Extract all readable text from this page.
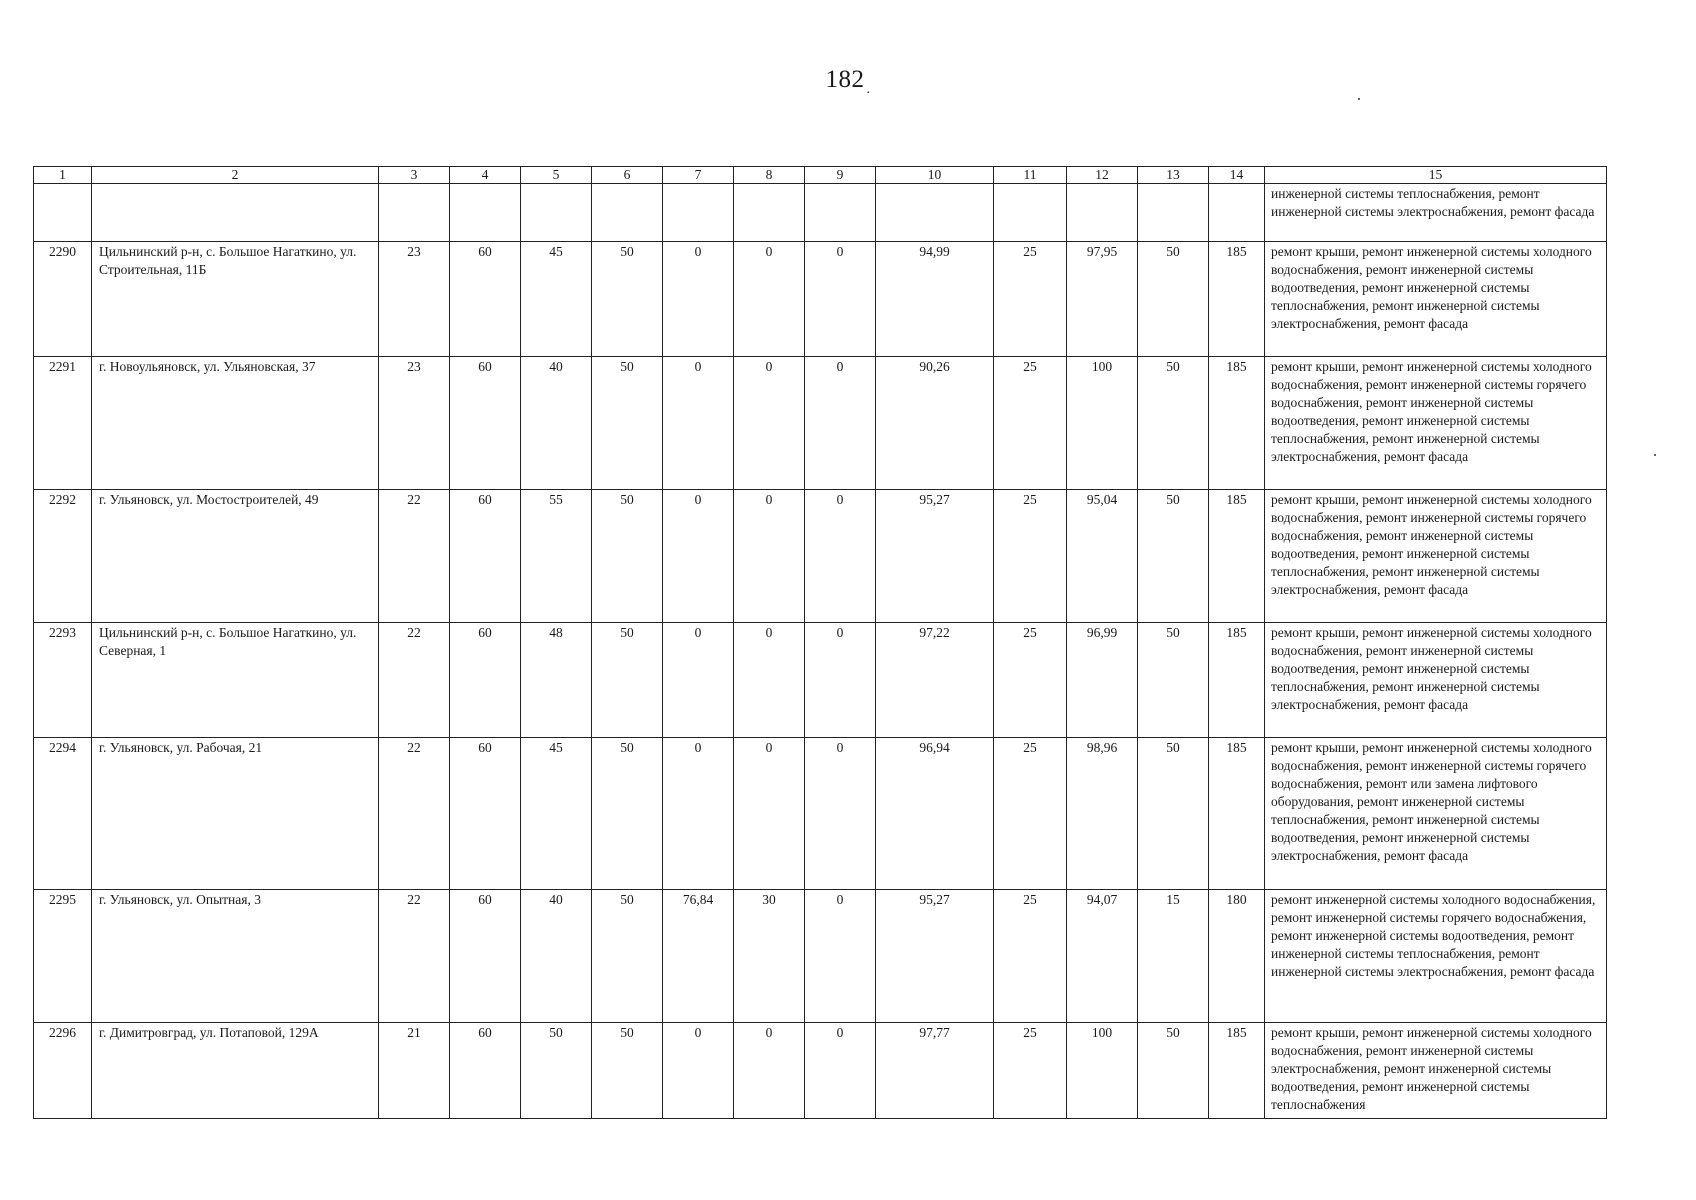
182 $_.$
1	2	3	4	5	6	7	8	9	10	11	12	13	14	15
														инженерной системы теплоснабжения, ремонт инженерной системы электроснабжения, ремонт фасада
2290	Цильнинский р-н, с. Большое Нагаткино, ул. Строительная, 11Б	23	60	45	50	0	0	0	94,99	25	97,95	50	185	ремонт крыши, ремонт инженерной системы холодного водоснабжения, ремонт инженерной системы водоотведения, ремонт инженерной системы теплоснабжения, ремонт инженерной системы электроснабжения, ремонт фасада
2291	г. Новоульяновск, ул. Ульяновская, 37	23	60	40	50	0	0	0	90,26	25	100	50	185	ремонт крыши, ремонт инженерной системы холодного водоснабжения, ремонт инженерной системы горячего водоснабжения, ремонт инженерной системы водоотведения, ремонт инженерной системы теплоснабжения, ремонт инженерной системы электроснабжения, ремонт фасада
2292	г. Ульяновск, ул. Мостостроителей, 49	22	60	55	50	0	0	0	95,27	25	95,04	50	185	ремонт крыши, ремонт инженерной системы холодного водоснабжения, ремонт инженерной системы горячего водоснабжения, ремонт инженерной системы водоотведения, ремонт инженерной системы теплоснабжения, ремонт инженерной системы электроснабжения, ремонт фасада
2293	Цильнинский р-н, с. Большое Нагаткино, ул. Северная, 1	22	60	48	50	0	0	0	97,22	25	96,99	50	185	ремонт крыши, ремонт инженерной системы холодного водоснабжения, ремонт инженерной системы водоотведения, ремонт инженерной системы теплоснабжения, ремонт инженерной системы электроснабжения, ремонт фасада
2294	г. Ульяновск, ул. Рабочая, 21	22	60	45	50	0	0	0	96,94	25	98,96	50	185	ремонт крыши, ремонт инженерной системы холодного водоснабжения, ремонт инженерной системы горячего водоснабжения, ремонт или замена лифтового оборудования, ремонт инженерной системы теплоснабжения, ремонт инженерной системы водоотведения, ремонт инженерной системы электроснабжения, ремонт фасада
2295	г. Ульяновск, ул. Опытная, 3	22	60	40	50	76,84	30	0	95,27	25	94,07	15	180	ремонт инженерной системы холодного водоснабжения, ремонт инженерной системы горячего водоснабжения, ремонт инженерной системы водоотведения, ремонт инженерной системы теплоснабжения, ремонт инженерной системы электроснабжения, ремонт фасада
2296	г. Димитровград, ул. Потаповой, 129А	21	60	50	50	0	0	0	97,77	25	100	50	185	ремонт крыши, ремонт инженерной системы холодного водоснабжения, ремонт инженерной системы электроснабжения, ремонт инженерной системы водоотведения, ремонт инженерной системы теплоснабжения
